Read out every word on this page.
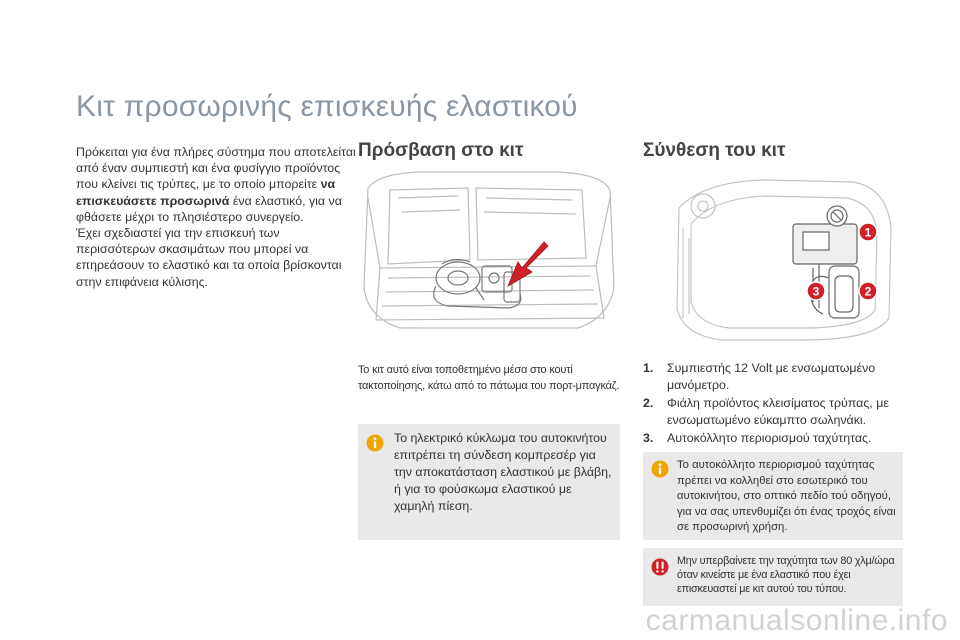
Κιτ προσωρινής επισκευής ελαστικού
Πρόκειται για ένα πλήρες σύστημα που αποτελείται από έναν συμπιεστή και ένα φυσίγγιο προϊόντος που κλείνει τις τρύπες, με το οποίο μπορείτε να επισκευάσετε προσωρινά ένα ελαστικό, για να φθάσετε μέχρι το πλησιέστερο συνεργείο.
Έχει σχεδιαστεί για την επισκευή των περισσότερων σκασιμάτων που μπορεί να επηρεάσουν το ελαστικό και τα οποία βρίσκονται στην επιφάνεια κύλισης.
Πρόσβαση στο κιτ
Το κιτ αυτό είναι τοποθετημένο μέσα στο κουτί τακτοποίησης, κάτω από το πάτωμα του πορτ-μπαγκάζ.
Το ηλεκτρικό κύκλωμα του αυτοκινήτου επιτρέπει τη σύνδεση κομπρεσέρ για την αποκατάσταση ελαστικού με βλάβη, ή για το φούσκωμα ελαστικού με χαμηλή πίεση.
Σύνθεση του κιτ
1
2
3
1.	Συμπιεστής 12 Volt με ενσωματωμένο μανόμετρο.
2.	Φιάλη προϊόντος κλεισίματος τρύπας, με ενσωματωμένο εύκαμπτο σωληνάκι.
3.	Αυτοκόλλητο περιορισμού ταχύτητας.
Το αυτοκόλλητο περιορισμού ταχύτητας πρέπει να κολληθεί στο εσωτερικό του αυτοκινήτου, στο οπτικό πεδίο τού οδηγού, για να σας υπενθυμίζει ότι ένας τροχός είναι σε προσωρινή χρήση.
Μην υπερβαίνετε την ταχύτητα των 80 χλμ/ώρα όταν κινείστε με ένα ελαστικό που έχει επισκευαστεί με κιτ αυτού του τύπου.
carmanualsonline.info
